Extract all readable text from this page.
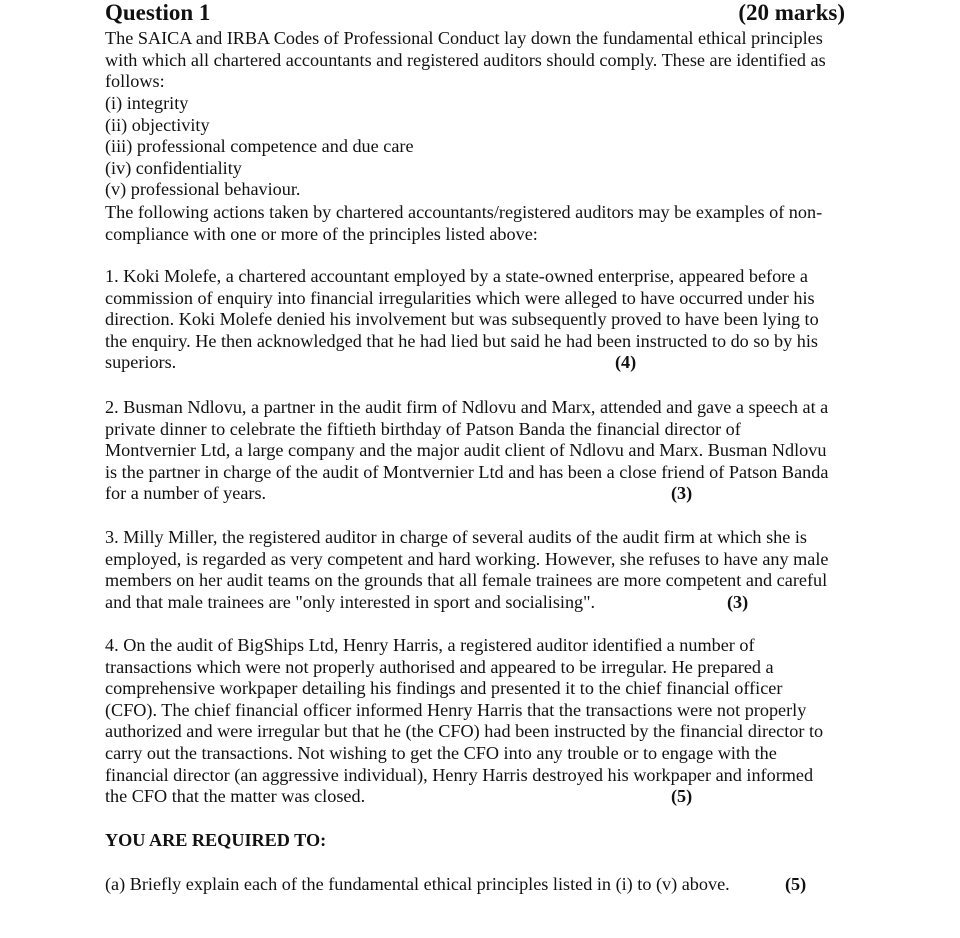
Question 1	(20 marks)
The SAICA and IRBA Codes of Professional Conduct lay down the fundamental ethical principles
with which all chartered accountants and registered auditors should comply. These are identified as
follows:
(i) integrity
(ii) objectivity
(iii) professional competence and due care
(iv) confidentiality
(v) professional behaviour.
The following actions taken by chartered accountants/registered auditors may be examples of non-
compliance with one or more of the principles listed above:
1. Koki Molefe, a chartered accountant employed by a state-owned enterprise, appeared before a
commission of enquiry into financial irregularities which were alleged to have occurred under his
direction. Koki Molefe denied his involvement but was subsequently proved to have been lying to
the enquiry. He then acknowledged that he had lied but said he had been instructed to do so by his
superiors.	(4)
2. Busman Ndlovu, a partner in the audit firm of Ndlovu and Marx, attended and gave a speech at a
private dinner to celebrate the fiftieth birthday of Patson Banda the financial director of
Montvernier Ltd, a large company and the major audit client of Ndlovu and Marx. Busman Ndlovu
is the partner in charge of the audit of Montvernier Ltd and has been a close friend of Patson Banda
for a number of years.	(3)
3. Milly Miller, the registered auditor in charge of several audits of the audit firm at which she is
employed, is regarded as very competent and hard working. However, she refuses to have any male
members on her audit teams on the grounds that all female trainees are more competent and careful
and that male trainees are "only interested in sport and socialising".	(3)
4. On the audit of BigShips Ltd, Henry Harris, a registered auditor identified a number of
transactions which were not properly authorised and appeared to be irregular. He prepared a
comprehensive workpaper detailing his findings and presented it to the chief financial officer
(CFO). The chief financial officer informed Henry Harris that the transactions were not properly
authorized and were irregular but that he (the CFO) had been instructed by the financial director to
carry out the transactions. Not wishing to get the CFO into any trouble or to engage with the
financial director (an aggressive individual), Henry Harris destroyed his workpaper and informed
the CFO that the matter was closed.	(5)
YOU ARE REQUIRED TO:
(a) Briefly explain each of the fundamental ethical principles listed in (i) to (v) above.	(5)
